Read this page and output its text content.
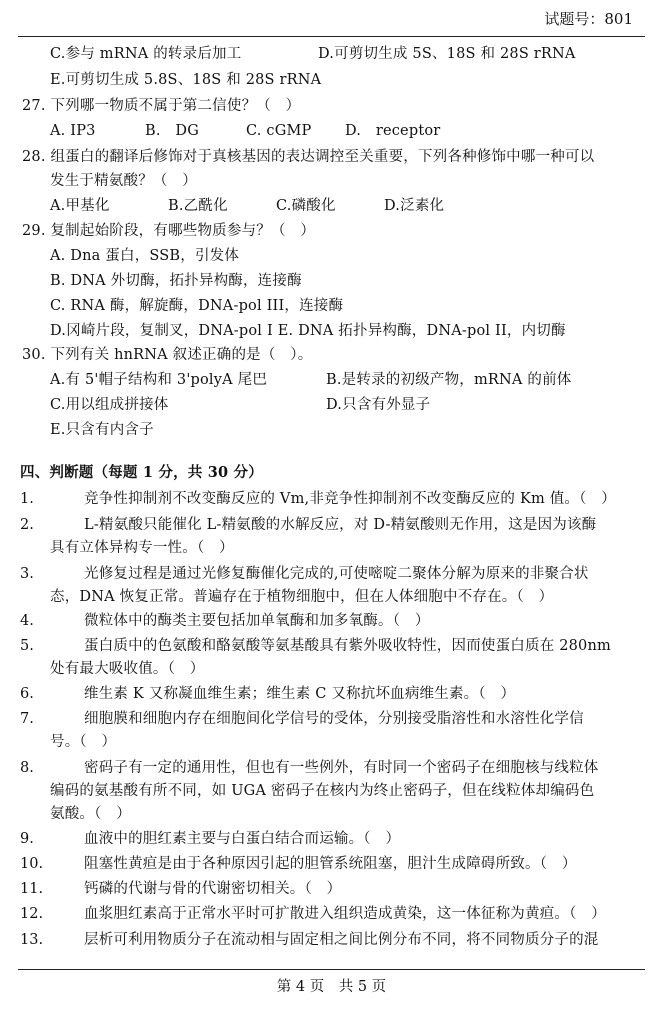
试题号：801
C.参与 mRNA 的转录后加工	D.可剪切生成 5S、18S 和 28S rRNA
E.可剪切生成 5.8S、18S 和 28S rRNA
27. 下列哪一物质不属于第二信使？（　）
A. IP3	B.　DG	C. cGMP D.　receptor
28. 组蛋白的翻译后修饰对于真核基因的表达调控至关重要，下列各种修饰中哪一种可以
发生于精氨酸？（　）
A.甲基化	B.乙酰化	C.磷酸化	D.泛素化
29. 复制起始阶段，有哪些物质参与？（　）
A. Dna 蛋白，SSB，引发体
B. DNA 外切酶，拓扑异构酶，连接酶
C. RNA 酶，解旋酶，DNA-pol III，连接酶
D.冈崎片段，复制叉，DNA-pol I E. DNA 拓扑异构酶，DNA-pol II，内切酶
30. 下列有关 hnRNA 叙述正确的是（　）。
A.有 5'帽子结构和 3'polyA 尾巴	B.是转录的初级产物，mRNA 的前体
C.用以组成拼接体	D.只含有外显子
E.只含有内含子
四、判断题（每题 1 分，共 30 分）
1.	竞争性抑制剂不改变酶反应的 Vm,非竞争性抑制剂不改变酶反应的 Km 值。（　）
2.	L-精氨酸只能催化 L-精氨酸的水解反应，对 D-精氨酸则无作用，这是因为该酶
具有立体异构专一性。（　）
3.	光修复过程是通过光修复酶催化完成的,可使嘧啶二聚体分解为原来的非聚合状
态，DNA 恢复正常。普遍存在于植物细胞中，但在人体细胞中不存在。（　）
4.	微粒体中的酶类主要包括加单氧酶和加多氧酶。（　）
5.	蛋白质中的色氨酸和酪氨酸等氨基酸具有紫外吸收特性，因而使蛋白质在 280nm
处有最大吸收值。（　）
6.	维生素 K 又称凝血维生素；维生素 C 又称抗坏血病维生素。（　）
7.	细胞膜和细胞内存在细胞间化学信号的受体，分别接受脂溶性和水溶性化学信
号。（　）
8.	密码子有一定的通用性，但也有一些例外，有时同一个密码子在细胞核与线粒体
编码的氨基酸有所不同，如 UGA 密码子在核内为终止密码子，但在线粒体却编码色
氨酸。（　）
9.	血液中的胆红素主要与白蛋白结合而运输。（　）
10.	阻塞性黄疸是由于各种原因引起的胆管系统阻塞，胆汁生成障碍所致。（　）
11.	钙磷的代谢与骨的代谢密切相关。（　）
12.	血浆胆红素高于正常水平时可扩散进入组织造成黄染，这一体征称为黄疸。（　）
13.	层析可利用物质分子在流动相与固定相之间比例分布不同，将不同物质分子的混
第 4 页　共 5 页
